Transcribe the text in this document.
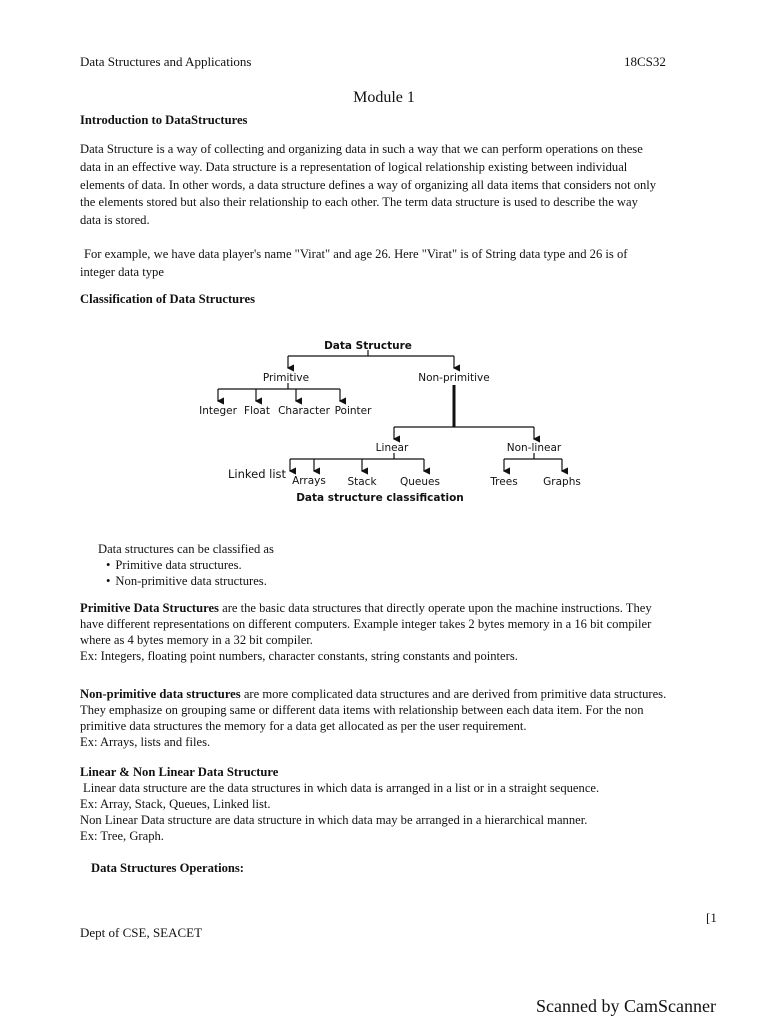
Data Structures and Applications	18CS32
Module 1
Introduction to DataStructures

Data Structure is a way of collecting and organizing data in such a way that we can perform operations on these

data in an effective way. Data structure is a representation of logical relationship existing between individual

elements of data. In other words, a data structure defines a way of organizing all data items that considers not only

the elements stored but also their relationship to each other. The term data structure is used to describe the way

data is stored.

For example, we have data player's name "Virat" and age 26. Here "Virat" is of String data type and 26 is of

integer data type

Classification of Data Structures
Data Structure
Primitive	Non-primitive
Integer Float Character Pointer
Linear	Non-linear
Linked list Arrays Stack Queues	Trees Graphs
Data structure classification

Data structures can be classified as

• Primitive data structures.
• Non-primitive data structures.

Primitive Data Structures are the basic data structures that directly operate upon the machine instructions. They

have different representations on different computers. Example integer takes 2 bytes memory in a 16 bit compiler

where as 4 bytes memory in a 32 bit compiler.

Ex: Integers, floating point numbers, character constants, string constants and pointers.

Non-primitive data structures are more complicated data structures and are derived from primitive data structures.

They emphasize on grouping same or different data items with relationship between each data item. For the non

primitive data structures the memory for a data get allocated as per the user requirement.

Ex: Arrays, lists and files.

Linear & Non Linear Data Structure

Linear data structure are the data structures in which data is arranged in a list or in a straight sequence.

Ex: Array, Stack, Queues, Linked list.

Non Linear Data structure are data structure in which data may be arranged in a hierarchical manner.

Ex: Tree, Graph.

Data Structures Operations:
[1
Dept of CSE, SEACET
Scanned by CamScanner
